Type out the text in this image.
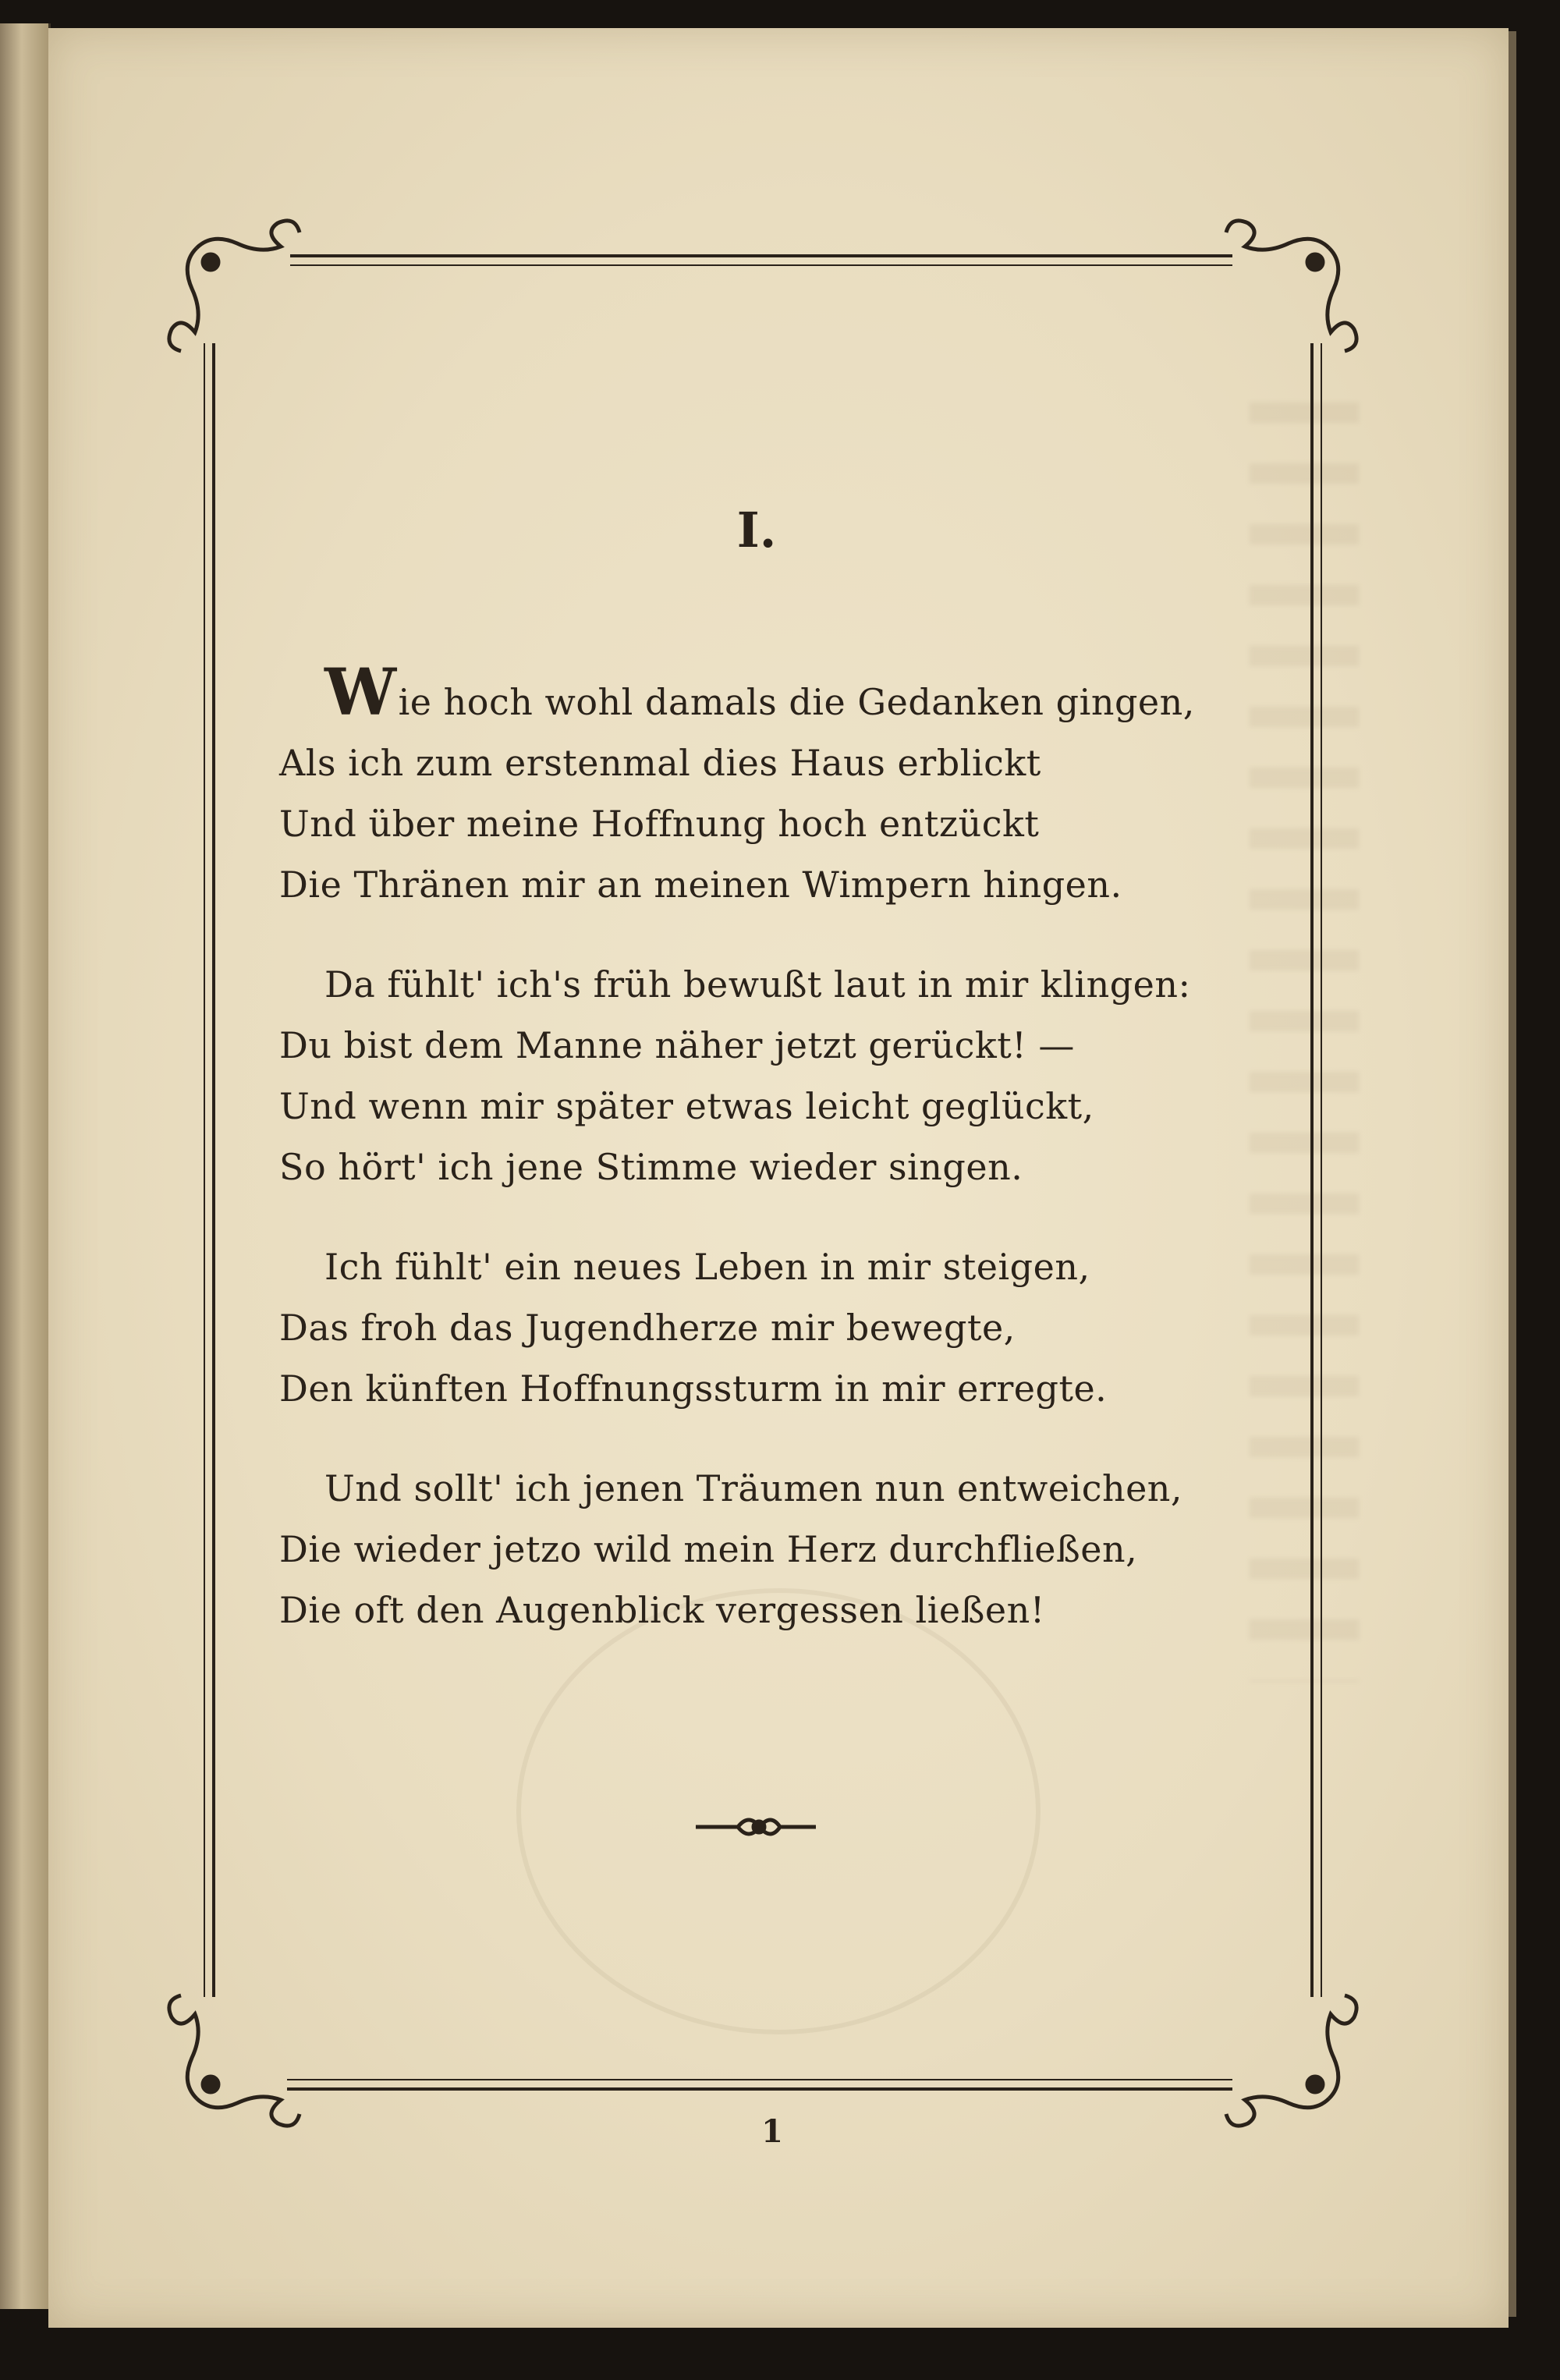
I.
Wie hoch wohl damals die Gedanken gingen,
Als ich zum erstenmal dies Haus erblickt
Und über meine Hoffnung hoch entzückt
Die Thränen mir an meinen Wimpern hingen.
Da fühlt' ich's früh bewußt laut in mir klingen:
Du bist dem Manne näher jetzt gerückt! —
Und wenn mir später etwas leicht geglückt,
So hört' ich jene Stimme wieder singen.
Ich fühlt' ein neues Leben in mir steigen,
Das froh das Jugendherze mir bewegte,
Den künften Hoffnungssturm in mir erregte.
Und sollt' ich jenen Träumen nun entweichen,
Die wieder jetzo wild mein Herz durchfließen,
Die oft den Augenblick vergessen ließen!
1
